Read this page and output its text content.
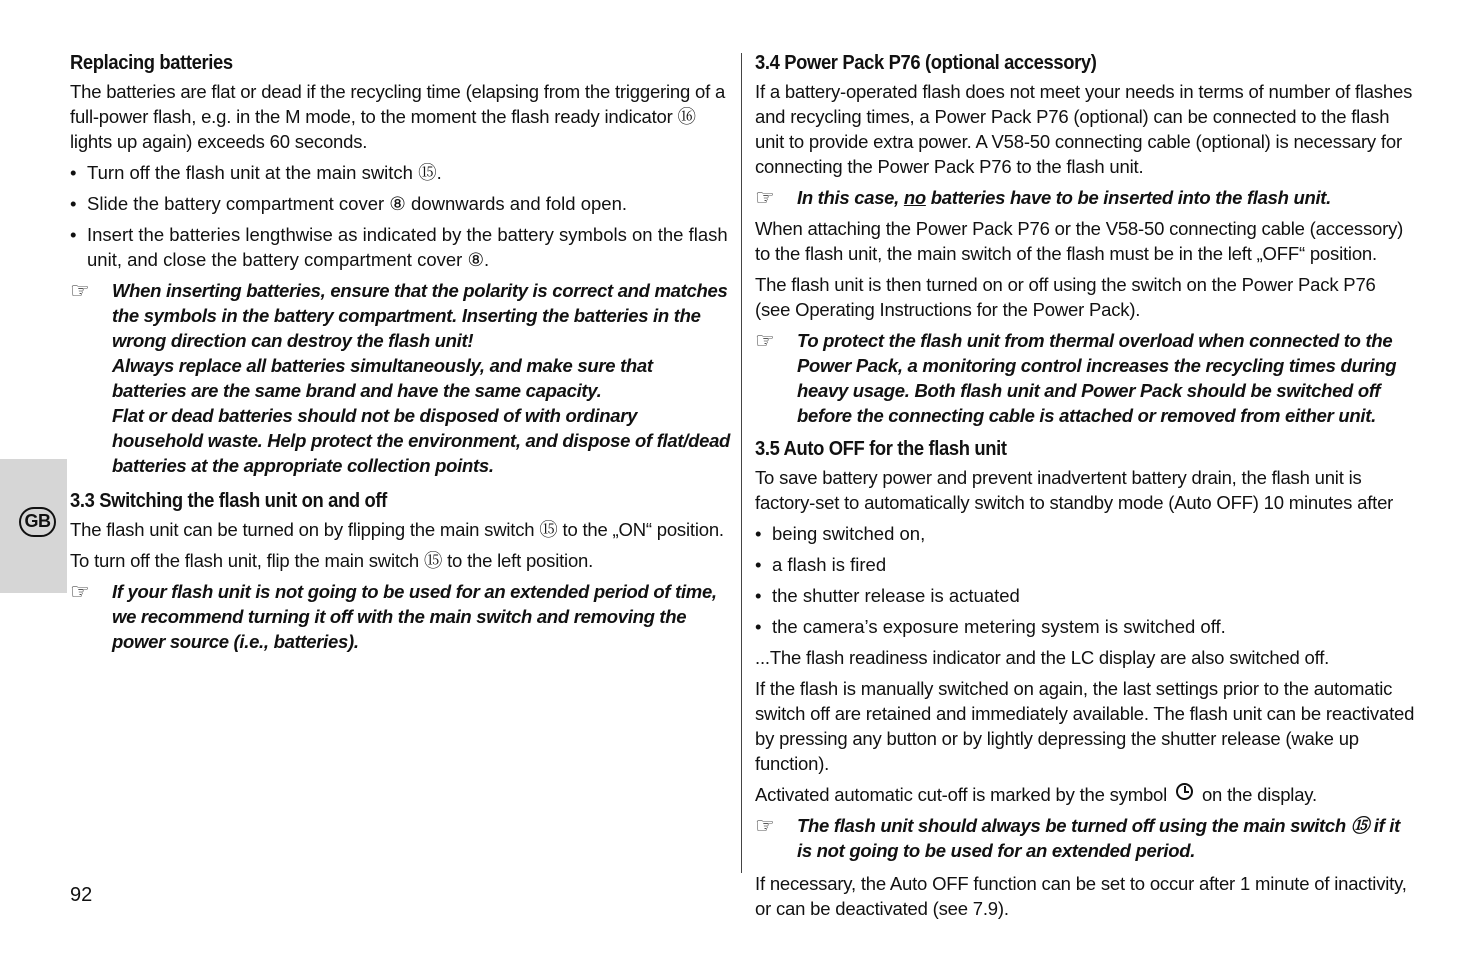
GB
Replacing batteries

The batteries are flat or dead if the recycling time (elapsing from the triggering of a full-power flash, e.g. in the M mode, to the moment the flash ready indicator ⑯ lights up again) exceeds 60 seconds.

• Turn off the flash unit at the main switch ⑮.
• Slide the battery compartment cover ⑧ downwards and fold open.
• Insert the batteries lengthwise as indicated by the battery symbols on the flash unit, and close the battery compartment cover ⑧.
☞	When inserting batteries, ensure that the polarity is correct and matches the symbols in the battery compartment. Inserting the batteries in the wrong direction can destroy the flash unit!
Always replace all batteries simultaneously, and make sure that batteries are the same brand and have the same capacity.
Flat or dead batteries should not be disposed of with ordinary household waste. Help protect the environment, and dispose of flat/dead batteries at the appropriate collection points.
3.3 Switching the flash unit on and off

The flash unit can be turned on by flipping the main switch ⑮ to the „ON“ position.

To turn off the flash unit, flip the main switch ⑮ to the left position.

☞	If your flash unit is not going to be used for an extended period of time, we recommend turning it off with the main switch and removing the power source (i.e., batteries).
3.4 Power Pack P76 (optional accessory)

If a battery-operated flash does not meet your needs in terms of number of flashes and recycling times, a Power Pack P76 (optional) can be connected to the flash unit to provide extra power. A V58-50 connecting cable (optional) is necessary for connecting the Power Pack P76 to the flash unit.

☞	In this case, no batteries have to be inserted into the flash unit.

When attaching the Power Pack P76 or the V58-50 connecting cable (accessory) to the flash unit, the main switch of the flash must be in the left „OFF“ position.

The flash unit is then turned on or off using the switch on the Power Pack P76 (see Operating Instructions for the Power Pack).

☞	To protect the flash unit from thermal overload when connected to the Power Pack, a monitoring control increases the recycling times during heavy usage. Both flash unit and Power Pack should be switched off before the connecting cable is attached or removed from either unit.
3.5 Auto OFF for the flash unit

To save battery power and prevent inadvertent battery drain, the flash unit is factory-set to automatically switch to standby mode (Auto OFF) 10 minutes after

• being switched on,
• a flash is fired
• the shutter release is actuated
• the camera’s exposure metering system is switched off.

...The flash readiness indicator and the LC display are also switched off.

If the flash is manually switched on again, the last settings prior to the automatic switch off are retained and immediately available. The flash unit can be reactivated by pressing any button or by lightly depressing the shutter release (wake up function).

Activated automatic cut-off is marked by the symbol on the display.

☞	The flash unit should always be turned off using the main switch ⑮ if it is not going to be used for an extended period.

If necessary, the Auto OFF function can be set to occur after 1 minute of inactivity, or can be deactivated (see 7.9).

92
